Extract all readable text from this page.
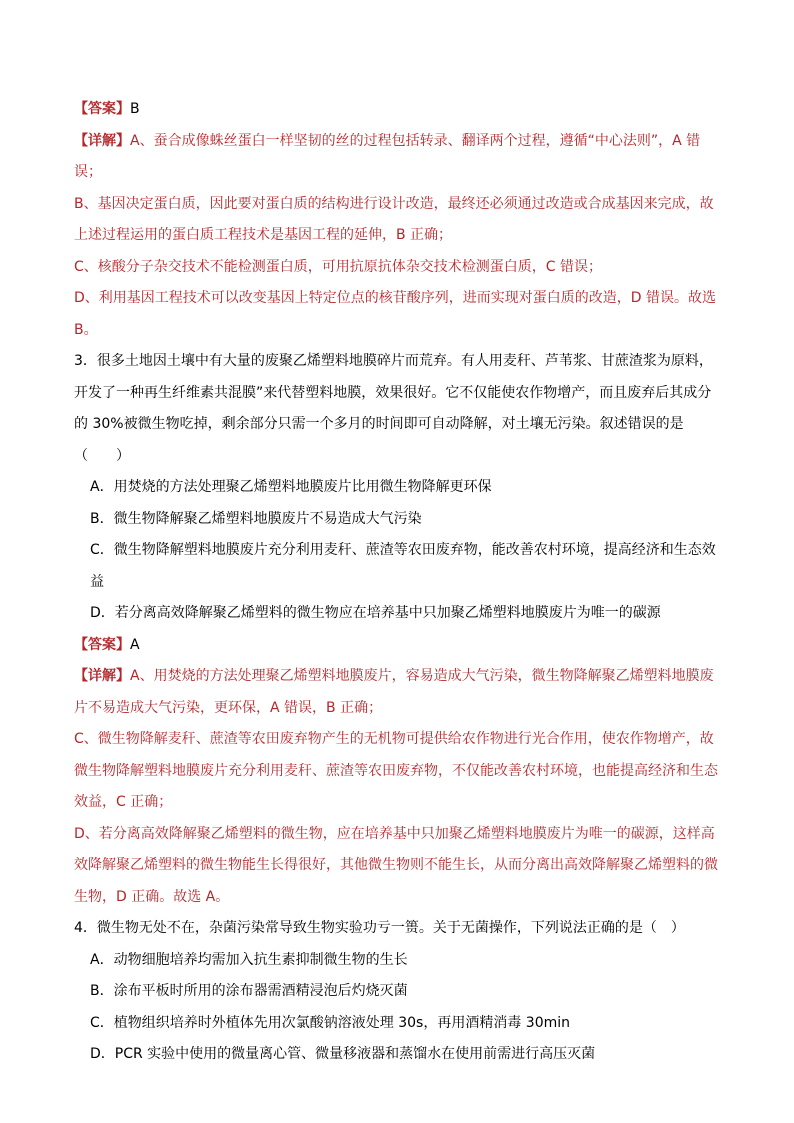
【答案】B

【详解】A、蚕合成像蛛丝蛋白一样坚韧的丝的过程包括转录、翻译两个过程，遵循“中心法则”，A 错误；

B、基因决定蛋白质，因此要对蛋白质的结构进行设计改造，最终还必须通过改造或合成基因来完成，故上述过程运用的蛋白质工程技术是基因工程的延伸，B 正确；

C、核酸分子杂交技术不能检测蛋白质，可用抗原抗体杂交技术检测蛋白质，C 错误；

D、利用基因工程技术可以改变基因上特定位点的核苷酸序列，进而实现对蛋白质的改造，D 错误。故选 B。

3．很多土地因土壤中有大量的废聚乙烯塑料地膜碎片而荒弃。有人用麦秆、芦苇浆、甘蔗渣浆为原料，开发了一种再生纤维素共混膜”来代替塑料地膜，效果很好。它不仅能使农作物增产，而且废弃后其成分的 30%被微生物吃掉，剩余部分只需一个多月的时间即可自动降解，对土壤无污染。叙述错误的是（　　）

A．用焚烧的方法处理聚乙烯塑料地膜废片比用微生物降解更环保

B．微生物降解聚乙烯塑料地膜废片不易造成大气污染

C．微生物降解塑料地膜废片充分利用麦秆、蔗渣等农田废弃物，能改善农村环境，提高经济和生态效益

D．若分离高效降解聚乙烯塑料的微生物应在培养基中只加聚乙烯塑料地膜废片为唯一的碳源

【答案】A

【详解】A、用焚烧的方法处理聚乙烯塑料地膜废片，容易造成大气污染，微生物降解聚乙烯塑料地膜废片不易造成大气污染，更环保，A 错误，B 正确；

C、微生物降解麦秆、蔗渣等农田废弃物产生的无机物可提供给农作物进行光合作用，使农作物增产，故微生物降解塑料地膜废片充分利用麦秆、蔗渣等农田废弃物，不仅能改善农村环境，也能提高经济和生态效益，C 正确；

D、若分离高效降解聚乙烯塑料的微生物，应在培养基中只加聚乙烯塑料地膜废片为唯一的碳源，这样高效降解聚乙烯塑料的微生物能生长得很好，其他微生物则不能生长，从而分离出高效降解聚乙烯塑料的微生物，D 正确。故选 A。

4．微生物无处不在，杂菌污染常导致生物实验功亏一篑。关于无菌操作，下列说法正确的是（　）

A．动物细胞培养均需加入抗生素抑制微生物的生长

B．涂布平板时所用的涂布器需酒精浸泡后灼烧灭菌

C．植物组织培养时外植体先用次氯酸钠溶液处理 30s，再用酒精消毒 30min

D．PCR 实验中使用的微量离心管、微量移液器和蒸馏水在使用前需进行高压灭菌
